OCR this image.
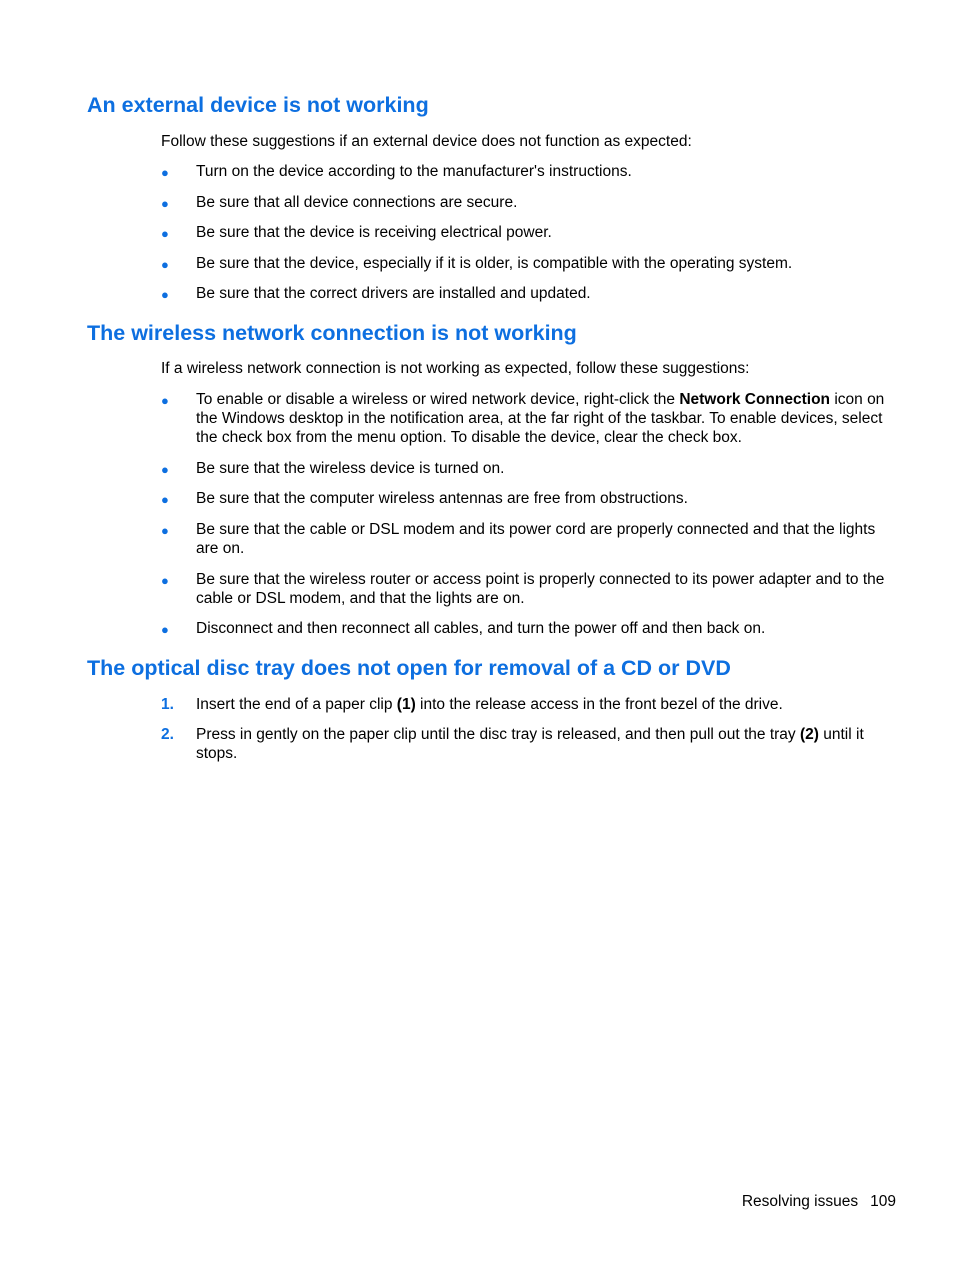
An external device is not working

Follow these suggestions if an external device does not function as expected:

●	Turn on the device according to the manufacturer's instructions.
●	Be sure that all device connections are secure.
●	Be sure that the device is receiving electrical power.
●	Be sure that the device, especially if it is older, is compatible with the operating system.
●	Be sure that the correct drivers are installed and updated.
The wireless network connection is not working

If a wireless network connection is not working as expected, follow these suggestions:

●	To enable or disable a wireless or wired network device, right-click the Network Connection icon on the Windows desktop in the notification area, at the far right of the taskbar. To enable devices, select the check box from the menu option. To disable the device, clear the check box.
●	Be sure that the wireless device is turned on.
●	Be sure that the computer wireless antennas are free from obstructions.
●	Be sure that the cable or DSL modem and its power cord are properly connected and that the lights are on.
●	Be sure that the wireless router or access point is properly connected to its power adapter and to the cable or DSL modem, and that the lights are on.
●	Disconnect and then reconnect all cables, and turn the power off and then back on.
The optical disc tray does not open for removal of a CD or DVD
1.	Insert the end of a paper clip (1) into the release access in the front bezel of the drive.
2.	Press in gently on the paper clip until the disc tray is released, and then pull out the tray (2) until it stops.
Resolving issues 109
